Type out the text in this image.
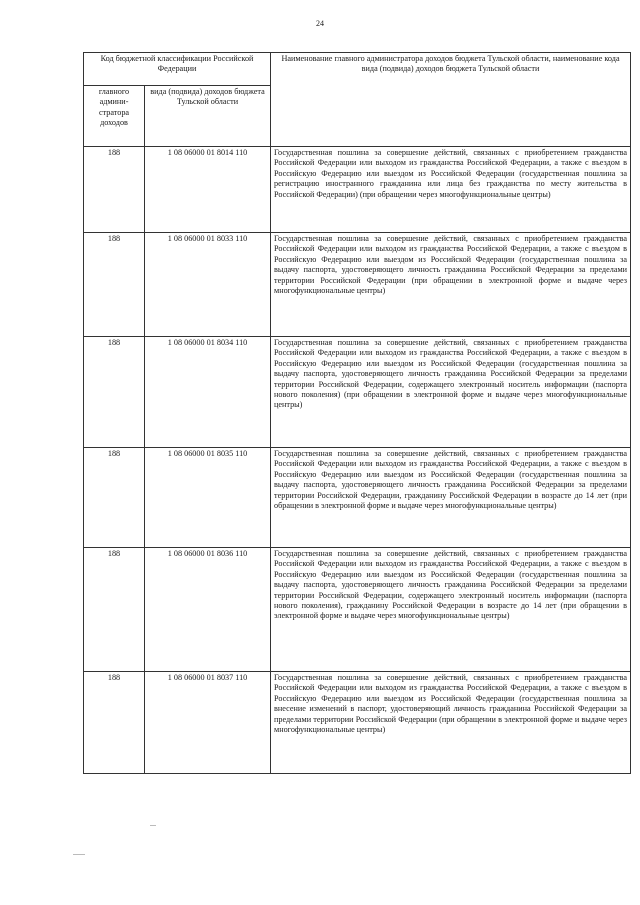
24
Код бюджетной классификации Российской Федерации		Наименование главного администратора доходов бюджета Тульской области, наименование кода вида (подвида) доходов бюджета Тульской области
главного админи-стратора доходов	вида (подвида) доходов бюджета Тульской области	
188	1 08 06000 01 8014 110	Государственная пошлина за совершение действий, связанных с приобретением гражданства Российской Федерации или выходом из гражданства Российской Федерации, а также с въездом в Российскую Федерацию или выездом из Российской Федерации (государственная пошлина за регистрацию иностранного гражданина или лица без гражданства по месту жительства в Российской Федерации) (при обращении через многофункциональные центры)
188	1 08 06000 01 8033 110	Государственная пошлина за совершение действий, связанных с приобретением гражданства Российской Федерации или выходом из гражданства Российской Федерации, а также с въездом в Российскую Федерацию или выездом из Российской Федерации (государственная пошлина за выдачу паспорта, удостоверяющего личность гражданина Российской Федерации за пределами территории Российской Федерации (при обращении в электронной форме и выдаче через многофункциональные центры)
188	1 08 06000 01 8034 110	Государственная пошлина за совершение действий, связанных с приобретением гражданства Российской Федерации или выходом из гражданства Российской Федерации, а также с въездом в Российскую Федерацию или выездом из Российской Федерации (государственная пошлина за выдачу паспорта, удостоверяющего личность гражданина Российской Федерации за пределами территории Российской Федерации, содержащего электронный носитель информации (паспорта нового поколения) (при обращении в электронной форме и выдаче через многофункциональные центры)
188	1 08 06000 01 8035 110	Государственная пошлина за совершение действий, связанных с приобретением гражданства Российской Федерации или выходом из гражданства Российской Федерации, а также с въездом в Российскую Федерацию или выездом из Российской Федерации (государственная пошлина за выдачу паспорта, удостоверяющего личность гражданина Российской Федерации за пределами территории Российской Федерации, гражданину Российской Федерации в возрасте до 14 лет (при обращении в электронной форме и выдаче через многофункциональные центры)
188	1 08 06000 01 8036 110	Государственная пошлина за совершение действий, связанных с приобретением гражданства Российской Федерации или выходом из гражданства Российской Федерации, а также с въездом в Российскую Федерацию или выездом из Российской Федерации (государственная пошлина за выдачу паспорта, удостоверяющего личность гражданина Российской Федерации за пределами территории Российской Федерации, содержащего электронный носитель информации (паспорта нового поколения), гражданину Российской Федерации в возрасте до 14 лет (при обращении в электронной форме и выдаче через многофункциональные центры)
188	1 08 06000 01 8037 110	Государственная пошлина за совершение действий, связанных с приобретением гражданства Российской Федерации или выходом из гражданства Российской Федерации, а также с въездом в Российскую Федерацию или выездом из Российской Федерации (государственная пошлина за внесение изменений в паспорт, удостоверяющий личность гражданина Российской Федерации за пределами территории Российской Федерации (при обращении в электронной форме и выдаче через многофункциональные центры)
